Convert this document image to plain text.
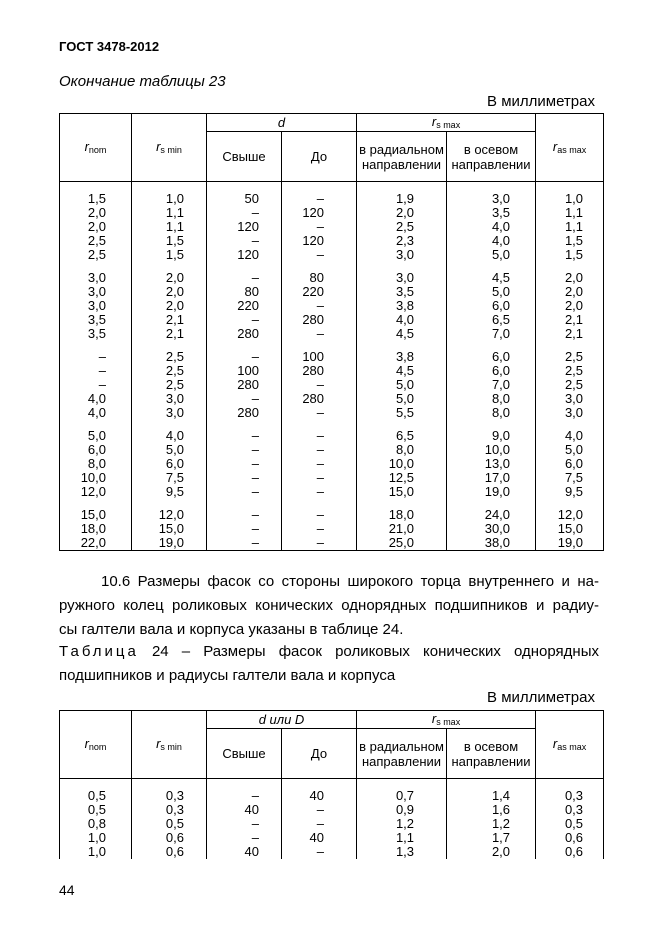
ГОСТ 3478-2012
Окончание таблицы 23
В миллиметрах
rnom	rs min	d		rs max		ras max
		Свыше	До	в радиальном направлении	в осевом направлении	

1,5	1,0	50	–	1,9	3,0	1,0
2,0	1,1	–	120	2,0	3,5	1,1
2,0	1,1	120	–	2,5	4,0	1,1
2,5	1,5	–	120	2,3	4,0	1,5
2,5	1,5	120	–	3,0	5,0	1,5

3,0	2,0	–	80	3,0	4,5	2,0
3,0	2,0	80	220	3,5	5,0	2,0
3,0	2,0	220	–	3,8	6,0	2,0
3,5	2,1	–	280	4,0	6,5	2,1
3,5	2,1	280	–	4,5	7,0	2,1

–	2,5	–	100	3,8	6,0	2,5
–	2,5	100	280	4,5	6,0	2,5
–	2,5	280	–	5,0	7,0	2,5
4,0	3,0	–	280	5,0	8,0	3,0
4,0	3,0	280	–	5,5	8,0	3,0

5,0	4,0	–	–	6,5	9,0	4,0
6,0	5,0	–	–	8,0	10,0	5,0
8,0	6,0	–	–	10,0	13,0	6,0
10,0	7,5	–	–	12,5	17,0	7,5
12,0	9,5	–	–	15,0	19,0	9,5

15,0	12,0	–	–	18,0	24,0	12,0
18,0	15,0	–	–	21,0	30,0	15,0
22,0	19,0	–	–	25,0	38,0	19,0
10.6 Размеры фасок со стороны широкого торца внутреннего и на-
ружного колец роликовых конических однорядных подшипников и радиу-
сы галтели вала и корпуса указаны в таблице 24.
Таблица 24 – Размеры фасок роликовых конических однорядных
подшипников и радиусы галтели вала и корпуса
В миллиметрах
rnom	rs min	d или D		rs max		ras max
		Свыше	До	в радиальном направлении	в осевом направлении	

0,5	0,3	–	40	0,7	1,4	0,3
0,5	0,3	40	–	0,9	1,6	0,3
0,8	0,5	–	–	1,2	1,2	0,5
1,0	0,6	–	40	1,1	1,7	0,6
1,0	0,6	40	–	1,3	2,0	0,6
44
